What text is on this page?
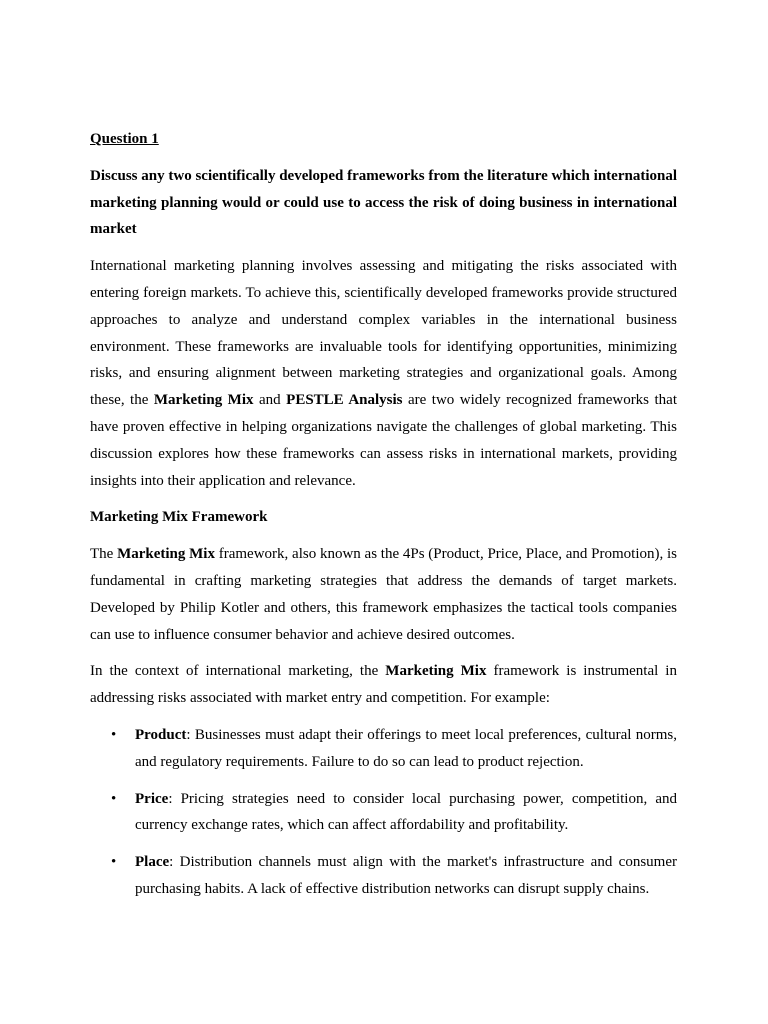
Question 1

Discuss any two scientifically developed frameworks from the literature which international marketing planning would or could use to access the risk of doing business in international market

International marketing planning involves assessing and mitigating the risks associated with entering foreign markets. To achieve this, scientifically developed frameworks provide structured approaches to analyze and understand complex variables in the international business environment. These frameworks are invaluable tools for identifying opportunities, minimizing risks, and ensuring alignment between marketing strategies and organizational goals. Among these, the Marketing Mix and PESTLE Analysis are two widely recognized frameworks that have proven effective in helping organizations navigate the challenges of global marketing. This discussion explores how these frameworks can assess risks in international markets, providing insights into their application and relevance.

Marketing Mix Framework

The Marketing Mix framework, also known as the 4Ps (Product, Price, Place, and Promotion), is fundamental in crafting marketing strategies that address the demands of target markets. Developed by Philip Kotler and others, this framework emphasizes the tactical tools companies can use to influence consumer behavior and achieve desired outcomes.

In the context of international marketing, the Marketing Mix framework is instrumental in addressing risks associated with market entry and competition. For example:

• Product: Businesses must adapt their offerings to meet local preferences, cultural norms, and regulatory requirements. Failure to do so can lead to product rejection.
• Price: Pricing strategies need to consider local purchasing power, competition, and currency exchange rates, which can affect affordability and profitability.
• Place: Distribution channels must align with the market's infrastructure and consumer purchasing habits. A lack of effective distribution networks can disrupt supply chains.
